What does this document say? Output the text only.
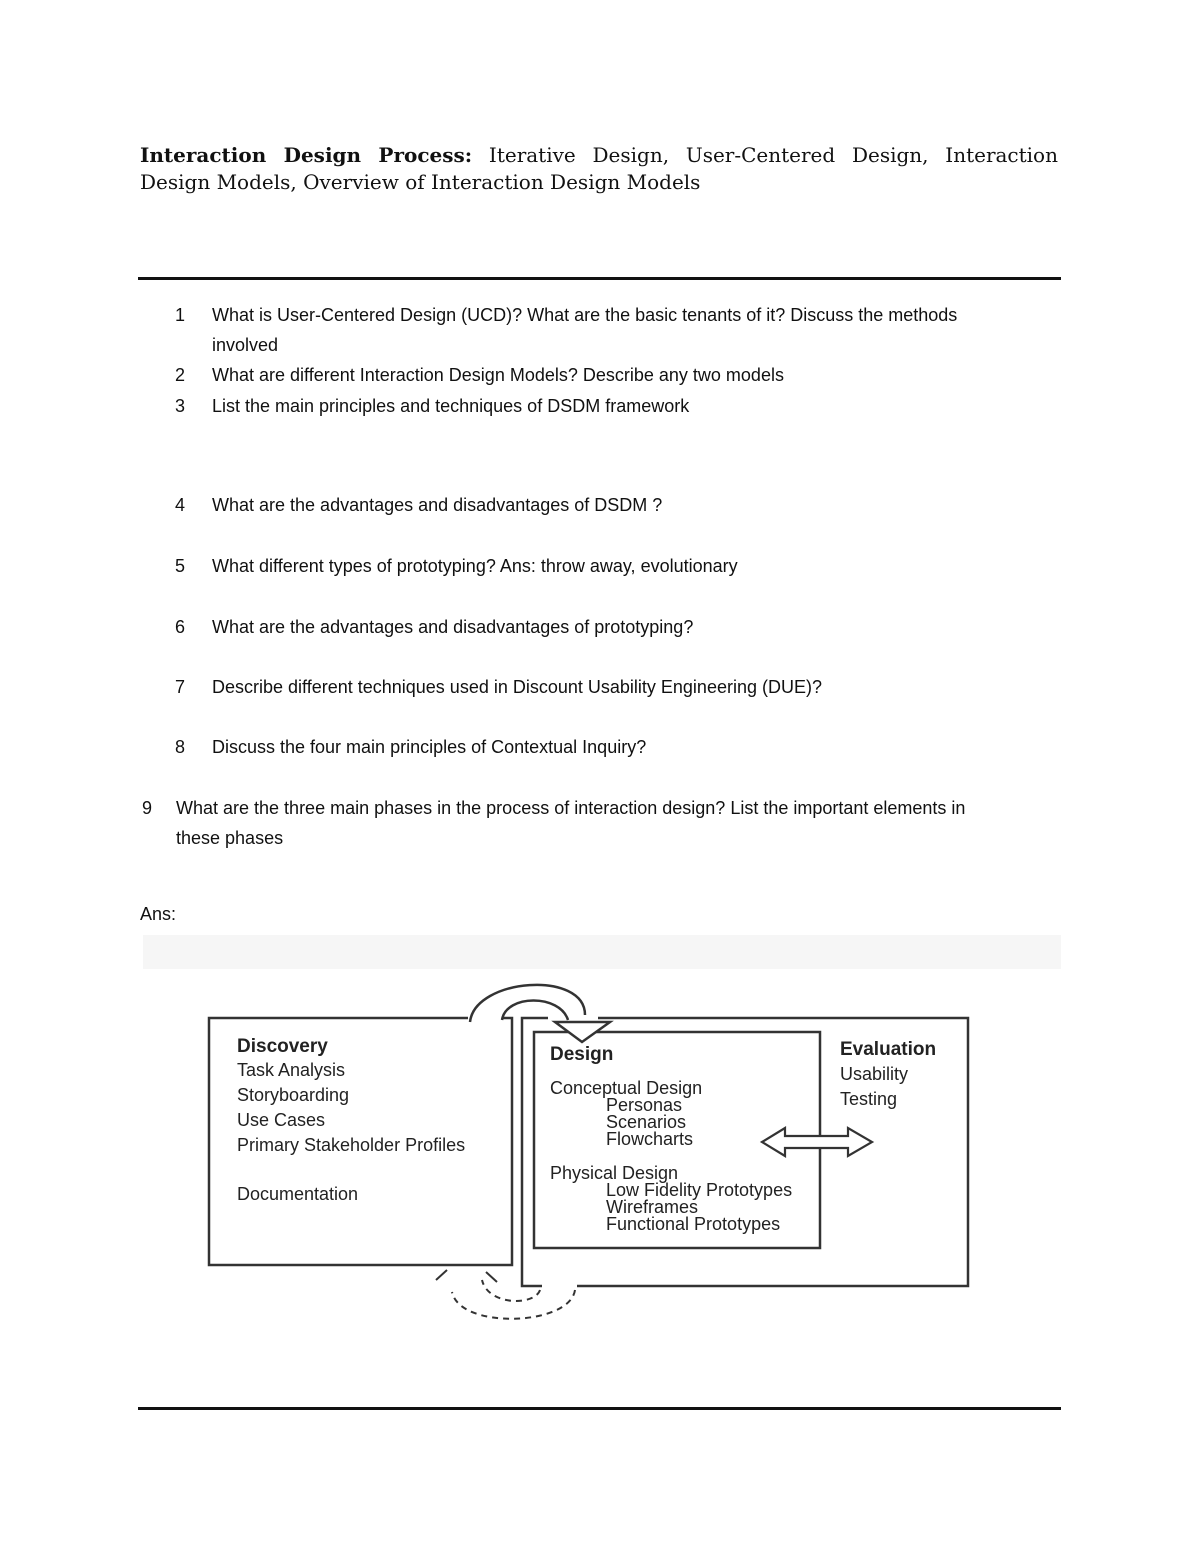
Interaction Design Process: Iterative Design, User-Centered Design, Interaction Design Models, Overview of Interaction Design Models
1 What is User-Centered Design (UCD)? What are the basic tenants of it? Discuss the methods
involved
2 What are different Interaction Design Models? Describe any two models
3 List the main principles and techniques of DSDM framework
4 What are the advantages and disadvantages of DSDM ?
5 What different types of prototyping? Ans: throw away, evolutionary
6 What are the advantages and disadvantages of prototyping?
7 Describe different techniques used in Discount Usability Engineering (DUE)?
8 Discuss the four main principles of Contextual Inquiry?
9 What are the three main phases in the process of interaction design? List the important elements in
these phases
Ans:
Discovery
Task Analysis
Storyboarding
Use Cases
Primary Stakeholder Profiles
Documentation
Design
Conceptual Design
Personas
Scenarios
Flowcharts
Physical Design
Low Fidelity Prototypes
Wireframes
Functional Prototypes
Evaluation
Usability
Testing
